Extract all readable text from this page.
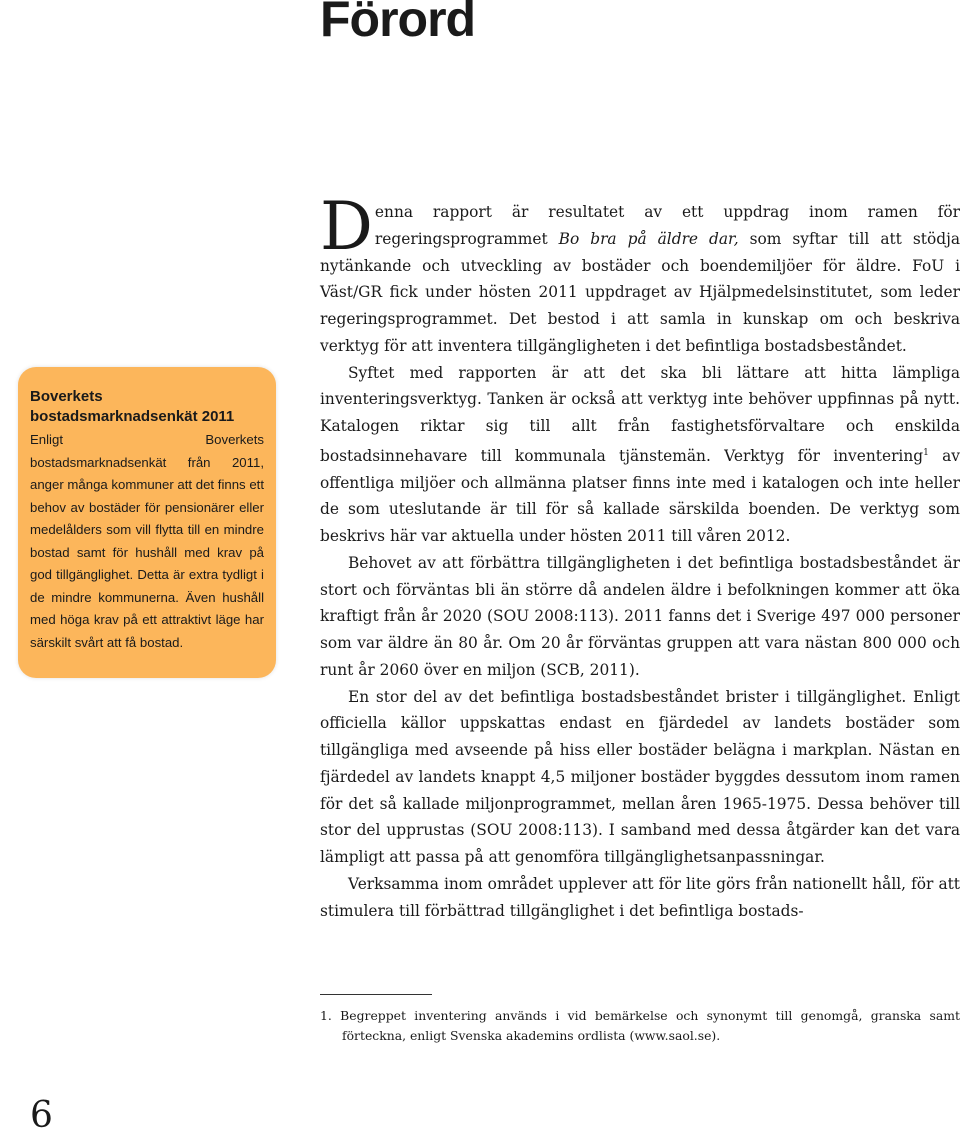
Förord
Boverkets bostadsmarknadsenkät 2011

Enligt Boverkets bostadsmarknadsenkät från 2011, anger många kommuner att det finns ett behov av bostäder för pensionärer eller medelålders som vill flytta till en mindre bostad samt för hushåll med krav på god tillgänglighet. Detta är extra tydligt i de mindre kommunerna. Även hushåll med höga krav på ett attraktivt läge har särskilt svårt att få bostad.

Denna rapport är resultatet av ett uppdrag inom ramen för regeringsprogrammet Bo bra på äldre dar, som syftar till att stödja nytänkande och utveckling av bostäder och boendemiljöer för äldre. FoU i Väst/GR fick under hösten 2011 uppdraget av Hjälpmedelsinstitutet, som leder regeringsprogrammet. Det bestod i att samla in kunskap om och beskriva verktyg för att inventera tillgängligheten i det befintliga bostadsbeståndet.

Syftet med rapporten är att det ska bli lättare att hitta lämpliga inventeringsverktyg. Tanken är också att verktyg inte behöver uppfinnas på nytt. Katalogen riktar sig till allt från fastighetsförvaltare och enskilda bostadsinnehavare till kommunala tjänstemän. Verktyg för inventering$^1$ av offentliga miljöer och allmänna platser finns inte med i katalogen och inte heller de som uteslutande är till för så kallade särskilda boenden. De verktyg som beskrivs här var aktuella under hösten 2011 till våren 2012.

Behovet av att förbättra tillgängligheten i det befintliga bostadsbeståndet är stort och förväntas bli än större då andelen äldre i befolkningen kommer att öka kraftigt från år 2020 (SOU 2008:113). 2011 fanns det i Sverige 497 000 personer som var äldre än 80 år. Om 20 år förväntas gruppen att vara nästan 800 000 och runt år 2060 över en miljon (SCB, 2011).

En stor del av det befintliga bostadsbeståndet brister i tillgänglighet. Enligt officiella källor uppskattas endast en fjärdedel av landets bostäder som tillgängliga med avseende på hiss eller bostäder belägna i markplan. Nästan en fjärdedel av landets knappt 4,5 miljoner bostäder byggdes dessutom inom ramen för det så kallade miljonprogrammet, mellan åren 1965-1975. Dessa behöver till stor del upprustas (SOU 2008:113). I samband med dessa åtgärder kan det vara lämpligt att passa på att genomföra tillgänglighetsanpassningar.

Verksamma inom området upplever att för lite görs från nationellt håll, för att stimulera till förbättrad tillgänglighet i det befintliga bostads-

1. Begreppet inventering används i vid bemärkelse och synonymt till genomgå, granska samt förteckna, enligt Svenska akademins ordlista (www.saol.se).
6
